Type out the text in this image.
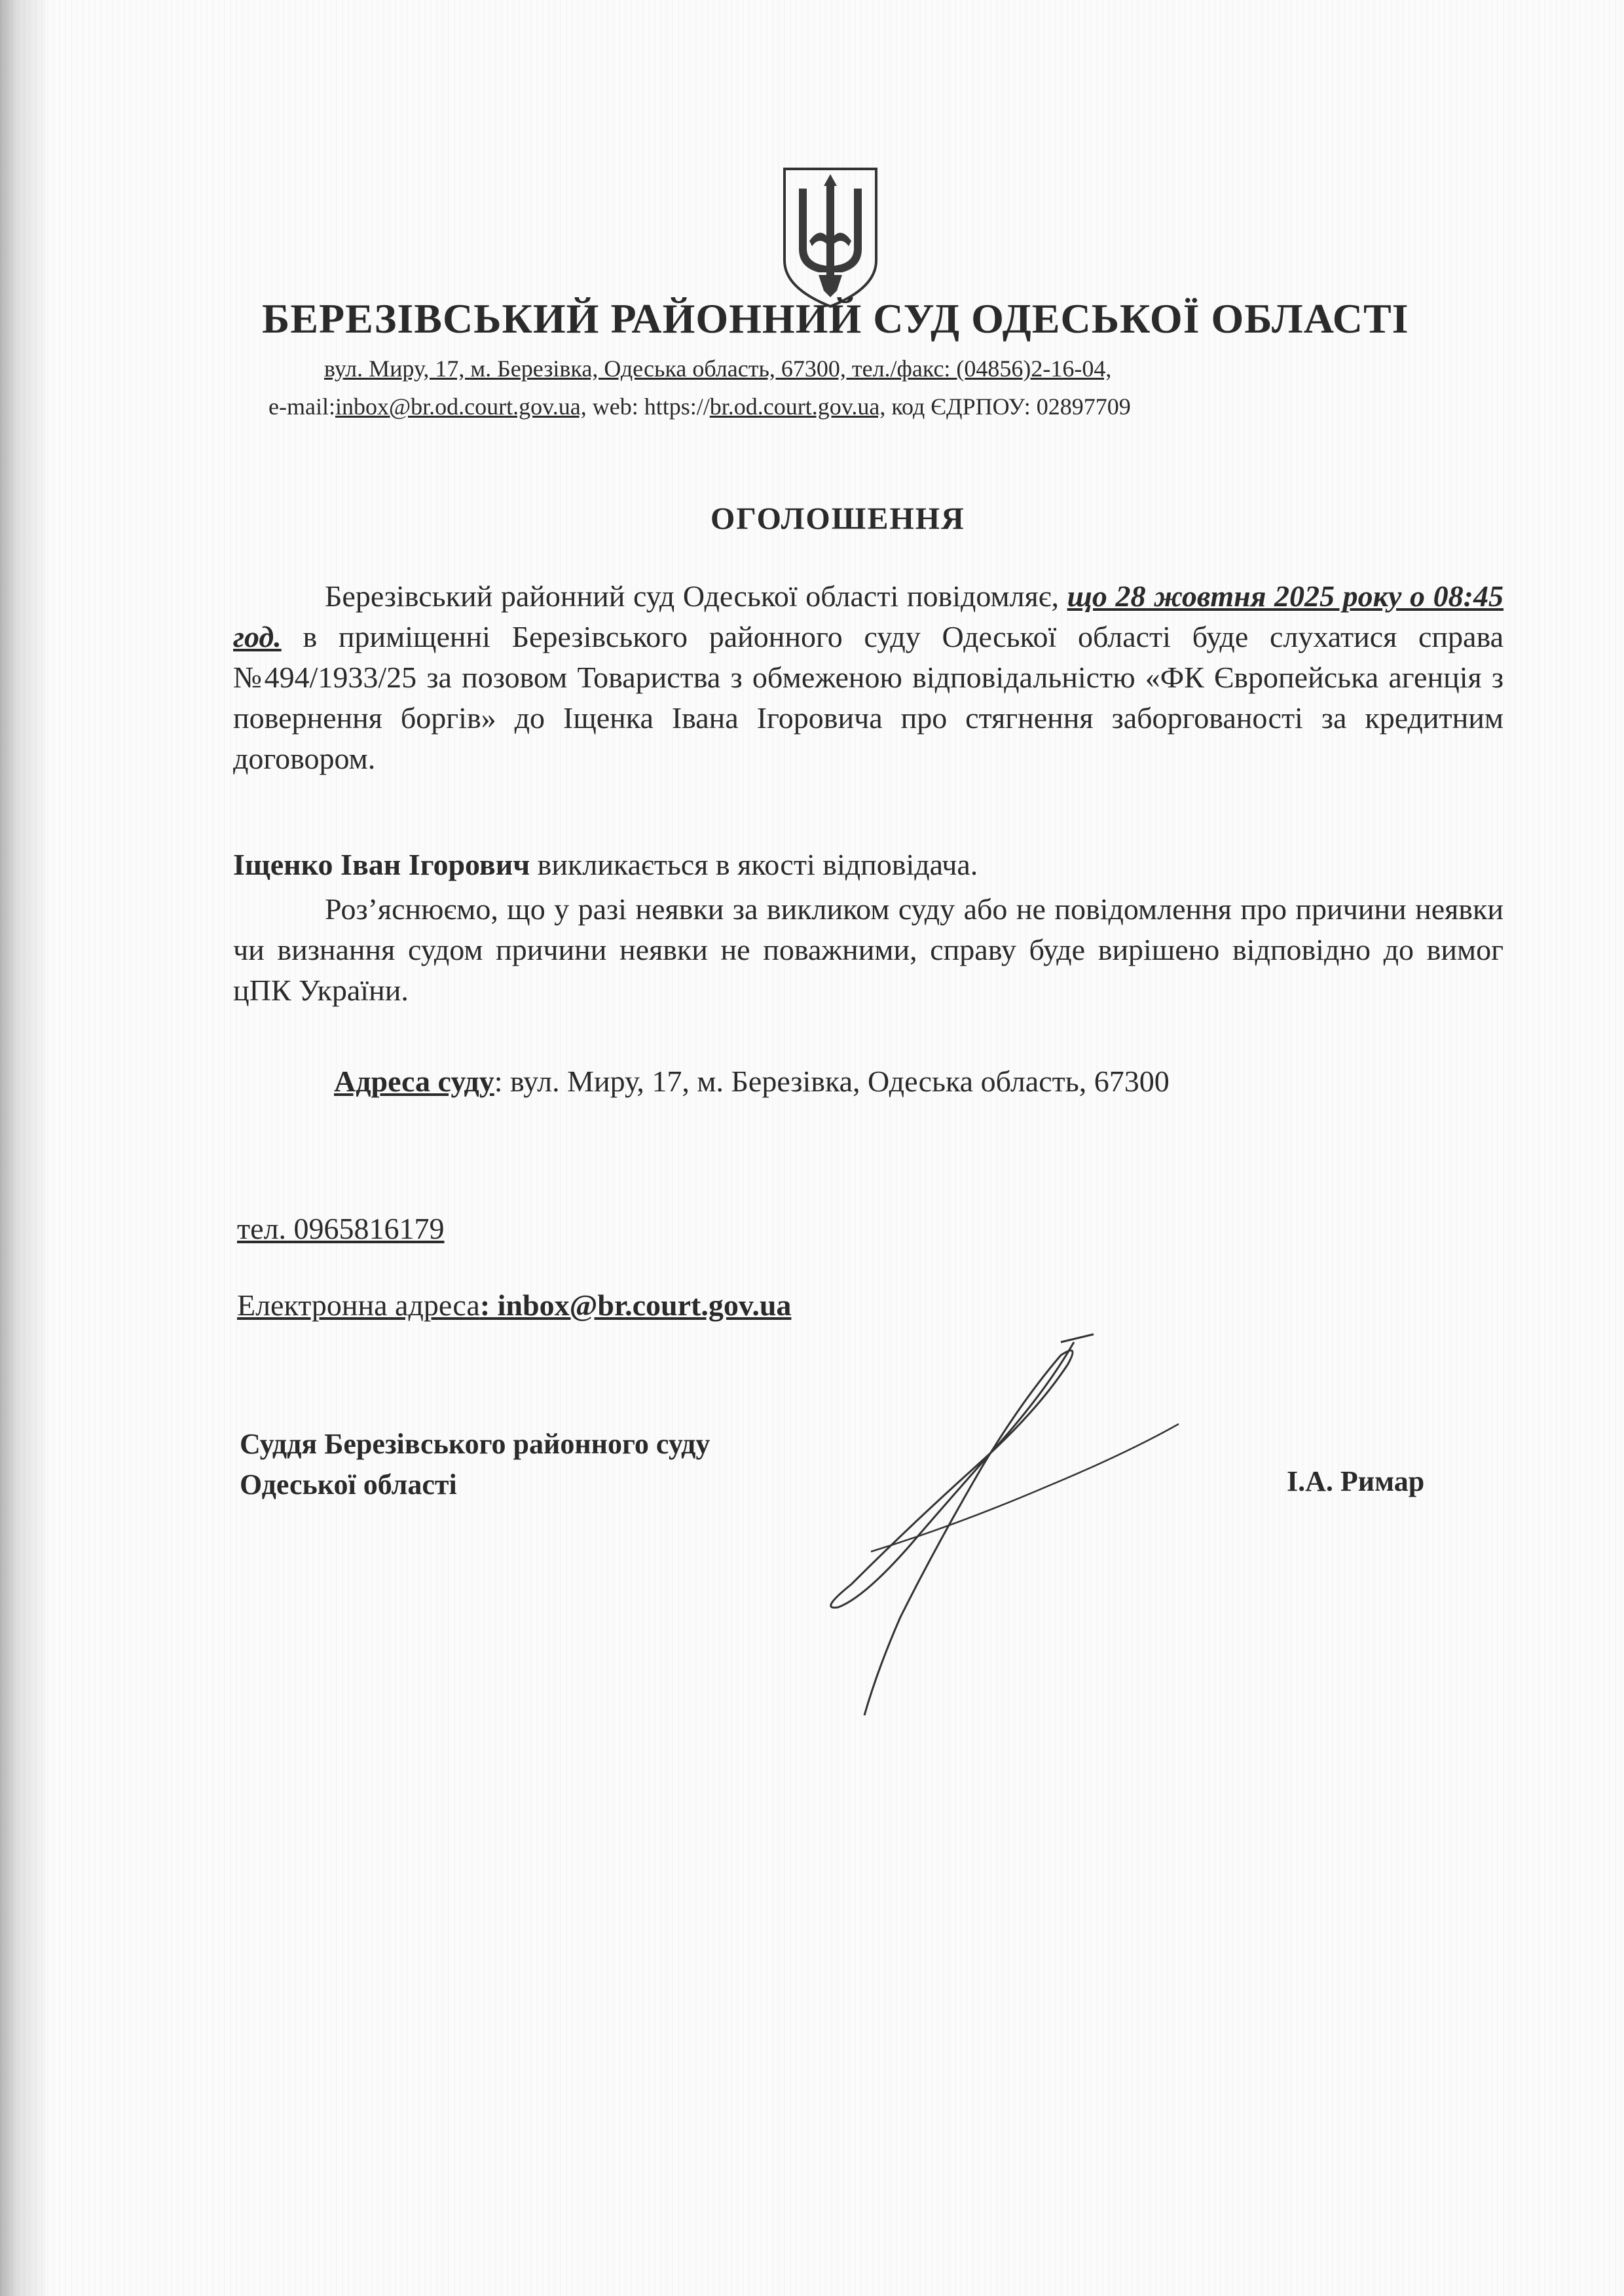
БЕРЕЗІВСЬКИЙ РАЙОННИЙ СУД ОДЕСЬКОЇ ОБЛАСТІ
вул. Миру, 17, м. Березівка, Одеська область, 67300, тел./факс: (04856)2-16-04,
e-mail:inbox@br.od.court.gov.ua, web: https://br.od.court.gov.ua, код ЄДРПОУ: 02897709
ОГОЛОШЕННЯ
Березівський районний суд Одеської області повідомляє, що 28 жовтня 2025 року о 08:45 год. в приміщенні Березівського районного суду Одеської області буде слухатися справа №494/1933/25 за позовом Товариства з обмеженою відповідальністю «ФК Європейська агенція з повернення боргів» до Іщенка Івана Ігоровича про стягнення заборгованості за кредитним договором.
Іщенко Іван Ігорович викликається в якості відповідача.
Роз’яснюємо, що у разі неявки за викликом суду або не повідомлення про причини неявки чи визнання судом причини неявки не поважними, справу буде вирішено відповідно до вимог цПК України.
Адреса суду: вул. Миру, 17, м. Березівка, Одеська область, 67300
тел. 0965816179
Електронна адреса: inbox@br.court.gov.ua
Суддя Березівського районного суду
Одеської області	І.А. Римар
